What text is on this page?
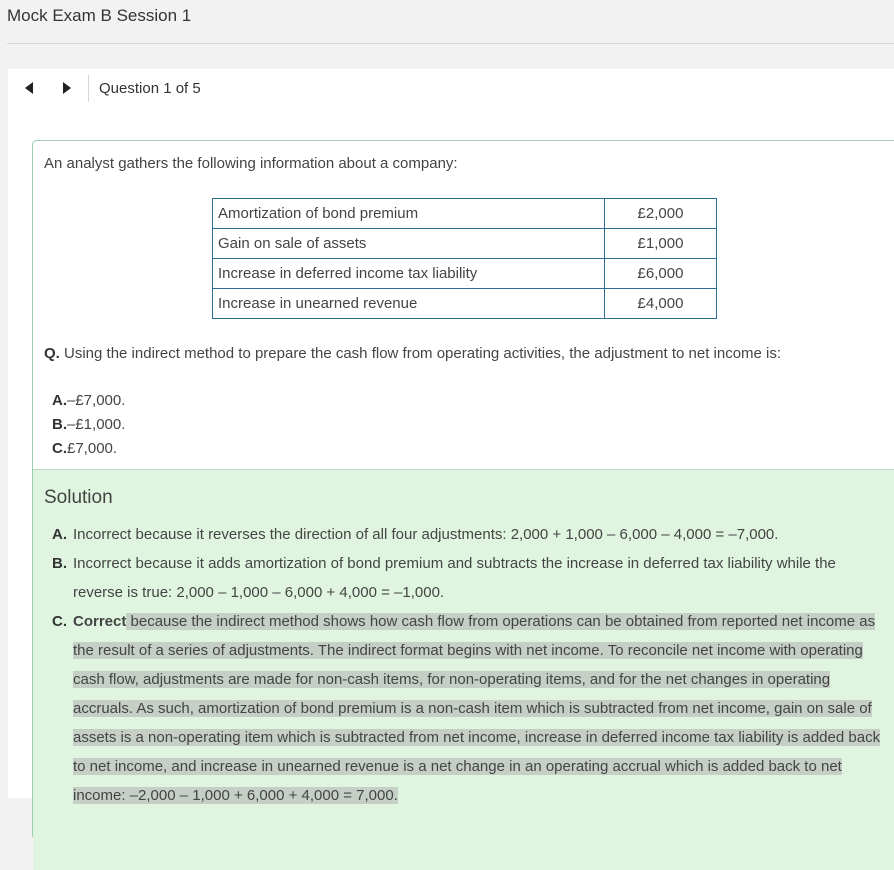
Mock Exam B Session 1
Question 1 of 5
An analyst gathers the following information about a company:
Amortization of bond premium	£2,000
Gain on sale of assets	£1,000
Increase in deferred income tax liability	£6,000
Increase in unearned revenue	£4,000
Q. Using the indirect method to prepare the cash flow from operating activities, the adjustment to net income is:
A.–£7,000.
B.–£1,000.
C.£7,000.
Solution
A. Incorrect because it reverses the direction of all four adjustments: 2,000 + 1,000 – 6,000 – 4,000 = –7,000.
B. Incorrect because it adds amortization of bond premium and subtracts the increase in deferred tax liability while the reverse is true: 2,000 – 1,000 – 6,000 + 4,000 = –1,000.
C. Correct because the indirect method shows how cash flow from operations can be obtained from reported net income as the result of a series of adjustments. The indirect format begins with net income. To reconcile net income with operating cash flow, adjustments are made for non-cash items, for non-operating items, and for the net changes in operating accruals. As such, amortization of bond premium is a non-cash item which is subtracted from net income, gain on sale of assets is a non-operating item which is subtracted from net income, increase in deferred income tax liability is added back to net income, and increase in unearned revenue is a net change in an operating accrual which is added back to net income: –2,000 – 1,000 + 6,000 + 4,000 = 7,000.
